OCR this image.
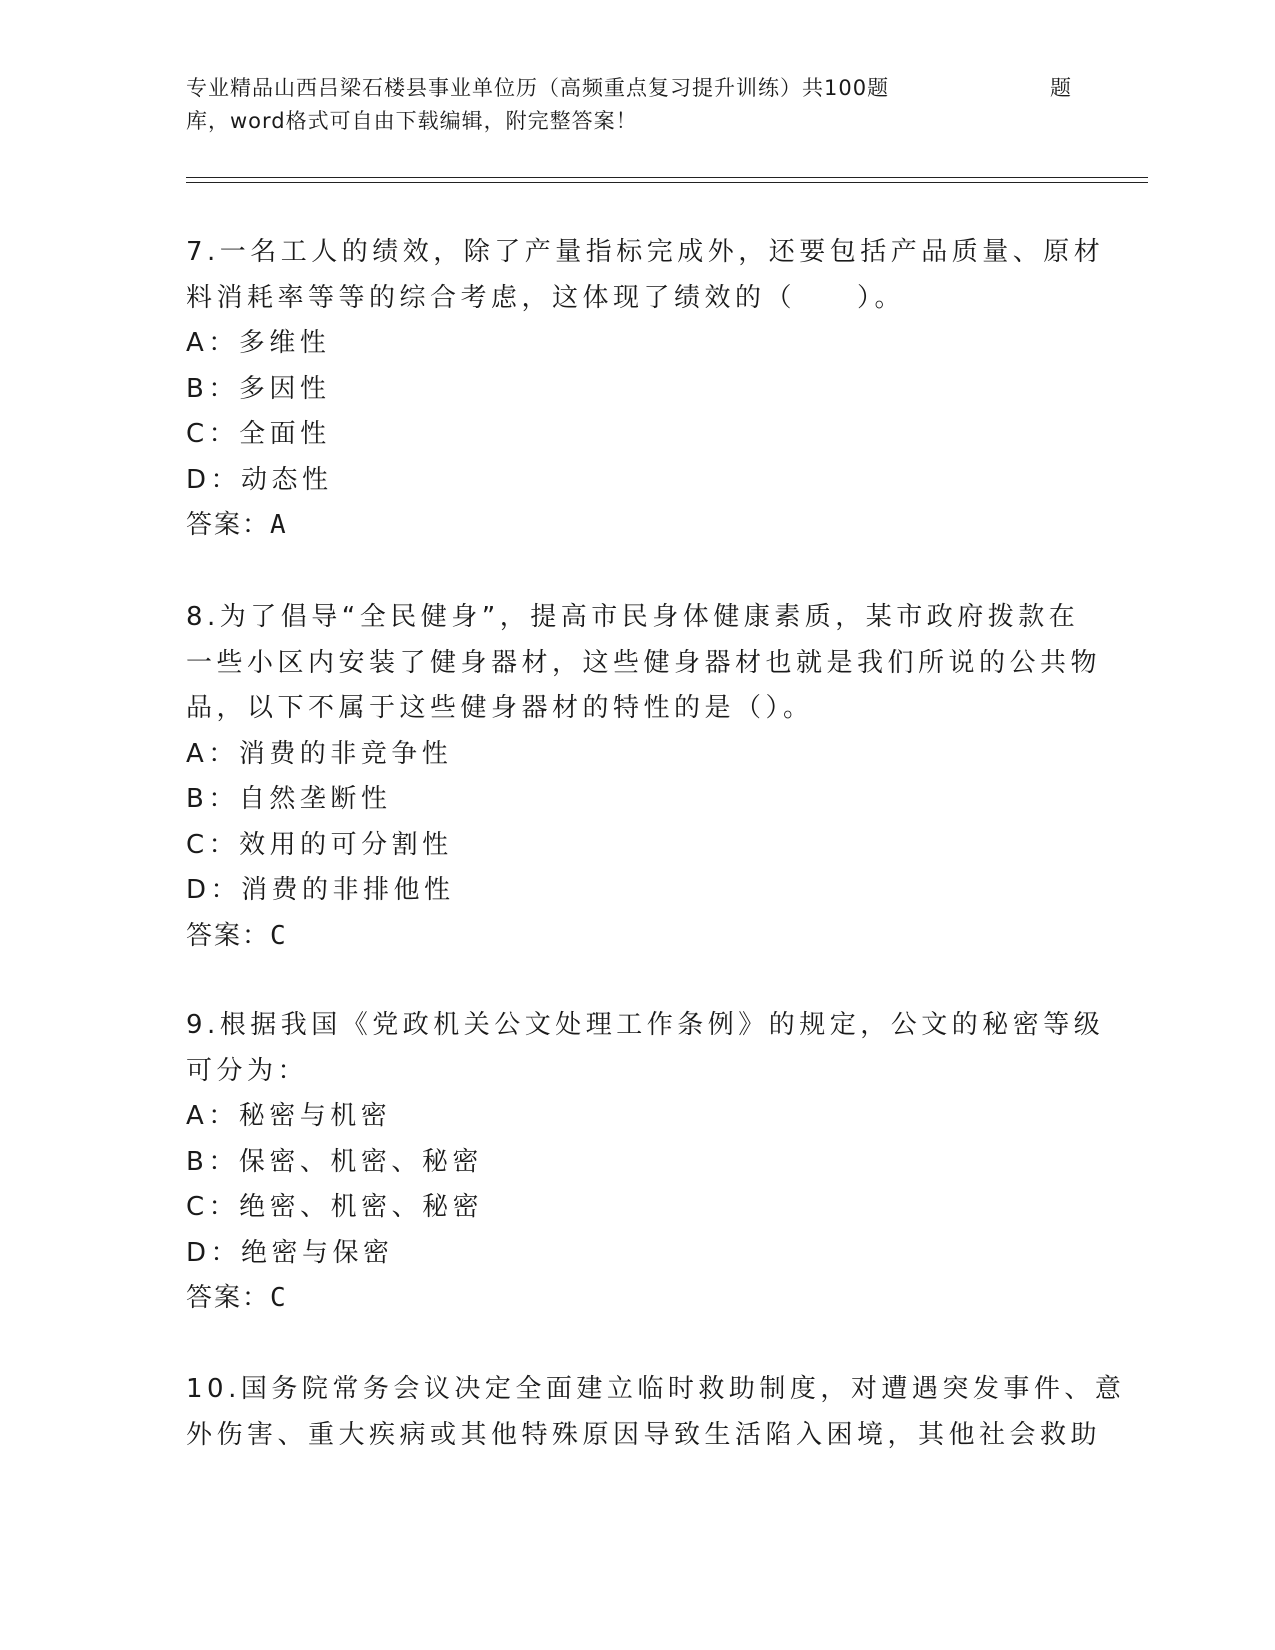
专业精品山西吕梁石楼县事业单位历（高频重点复习提升训练）共100题
库，word格式可自由下载编辑，附完整答案！
题
7.一名工人的绩效，除了产量指标完成外，还要包括产品质量、原材
料消耗率等等的综合考虑，这体现了绩效的（　　）。
A：多维性
B：多因性
C：全面性
D：动态性
答案：A
8.为了倡导“全民健身”，提高市民身体健康素质，某市政府拨款在
一些小区内安装了健身器材，这些健身器材也就是我们所说的公共物
品，以下不属于这些健身器材的特性的是（）。
A：消费的非竞争性
B：自然垄断性
C：效用的可分割性
D：消费的非排他性
答案：C
9.根据我国《党政机关公文处理工作条例》的规定，公文的秘密等级
可分为：
A：秘密与机密
B：保密、机密、秘密
C：绝密、机密、秘密
D：绝密与保密
答案：C
10.国务院常务会议决定全面建立临时救助制度，对遭遇突发事件、意
外伤害、重大疾病或其他特殊原因导致生活陷入困境，其他社会救助
